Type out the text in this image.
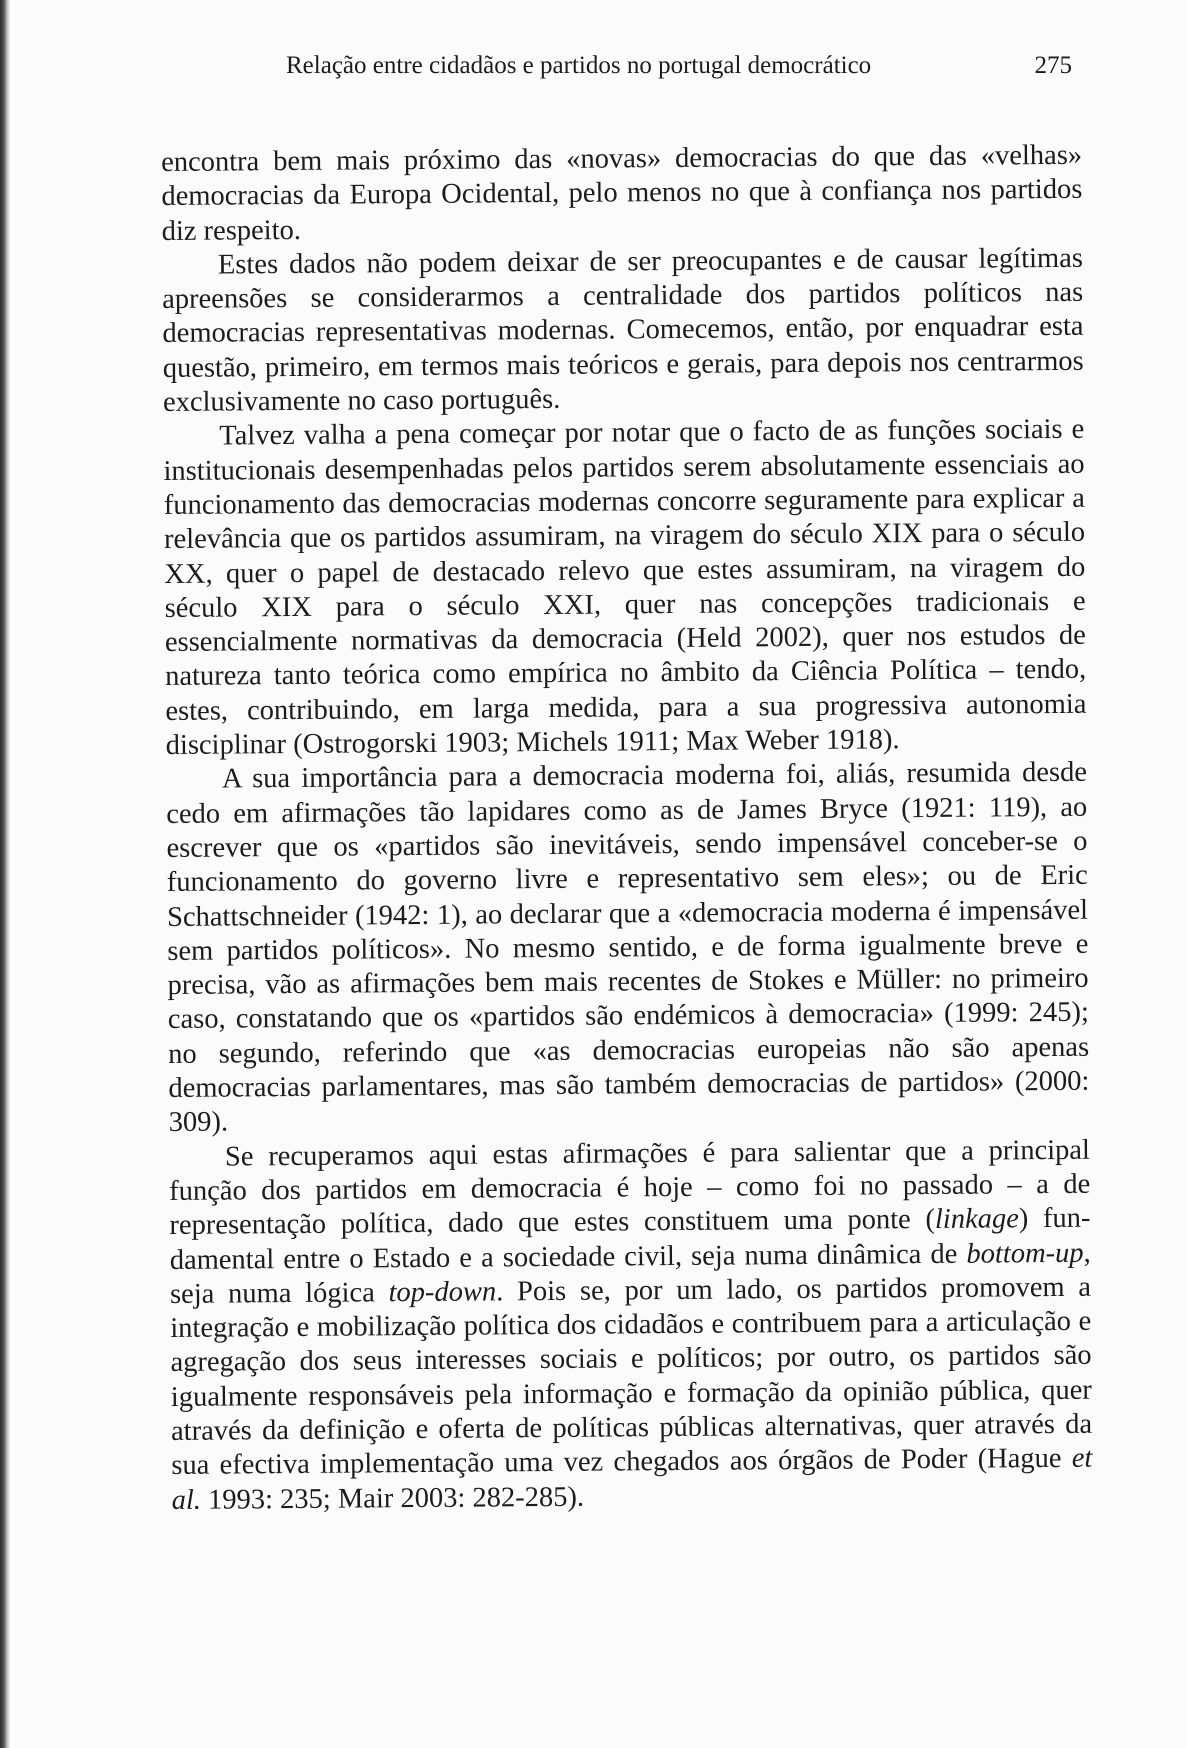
Relação entre cidadãos e partidos no portugal democrático	275

encontra bem mais próximo das «novas» democracias do que das «velhas» democracias da Europa Ocidental, pelo menos no que à confiança nos partidos diz respeito.

Estes dados não podem deixar de ser preocupantes e de causar legítimas apreensões se considerarmos a centralidade dos partidos políticos nas democracias representativas modernas. Comecemos, então, por enquadrar esta questão, primeiro, em termos mais teóricos e gerais, para depois nos centrarmos exclusivamente no caso português.

Talvez valha a pena começar por notar que o facto de as funções sociais e institucionais desempenhadas pelos partidos serem absolutamente essenciais ao funcionamento das democracias modernas concorre seguramente para explicar a relevância que os partidos assumiram, na viragem do século XIX para o século XX, quer o papel de destacado relevo que estes assumiram, na viragem do século XIX para o século XXI, quer nas concepções tradicionais e essencialmente normativas da democracia (Held 2002), quer nos estudos de natureza tanto teórica como empírica no âmbito da Ciência Política – tendo, estes, contribuindo, em larga medida, para a sua progressiva autonomia disciplinar (Ostrogorski 1903; Michels 1911; Max Weber 1918).

A sua importância para a democracia moderna foi, aliás, resumida desde cedo em afirmações tão lapidares como as de James Bryce (1921: 119), ao escrever que os «partidos são inevitáveis, sendo impensável conceber-se o funcionamento do governo livre e representativo sem eles»; ou de Eric Schattschneider (1942: 1), ao declarar que a «democracia moderna é impensável sem partidos políticos». No mesmo sentido, e de forma igualmente breve e precisa, vão as afirmações bem mais recentes de Stokes e Müller: no primeiro caso, constatando que os «partidos são endémicos à democracia» (1999: 245); no segundo, referindo que «as democracias europeias não são apenas democracias parlamentares, mas são também democracias de partidos» (2000: 309).

Se recuperamos aqui estas afirmações é para salientar que a principal função dos partidos em democracia é hoje – como foi no passado – a de representação política, dado que estes constituem uma ponte (linkage) fundamental entre o Estado e a sociedade civil, seja numa dinâmica de bottom-up, seja numa lógica top-down. Pois se, por um lado, os partidos promovem a integração e mobilização política dos cidadãos e contribuem para a articulação e agregação dos seus interesses sociais e políticos; por outro, os partidos são igualmente responsáveis pela informação e formação da opinião pública, quer através da definição e oferta de políticas públicas alternativas, quer através da sua efectiva implementação uma vez chegados aos órgãos de Poder (Hague et al. 1993: 235; Mair 2003: 282-285).
